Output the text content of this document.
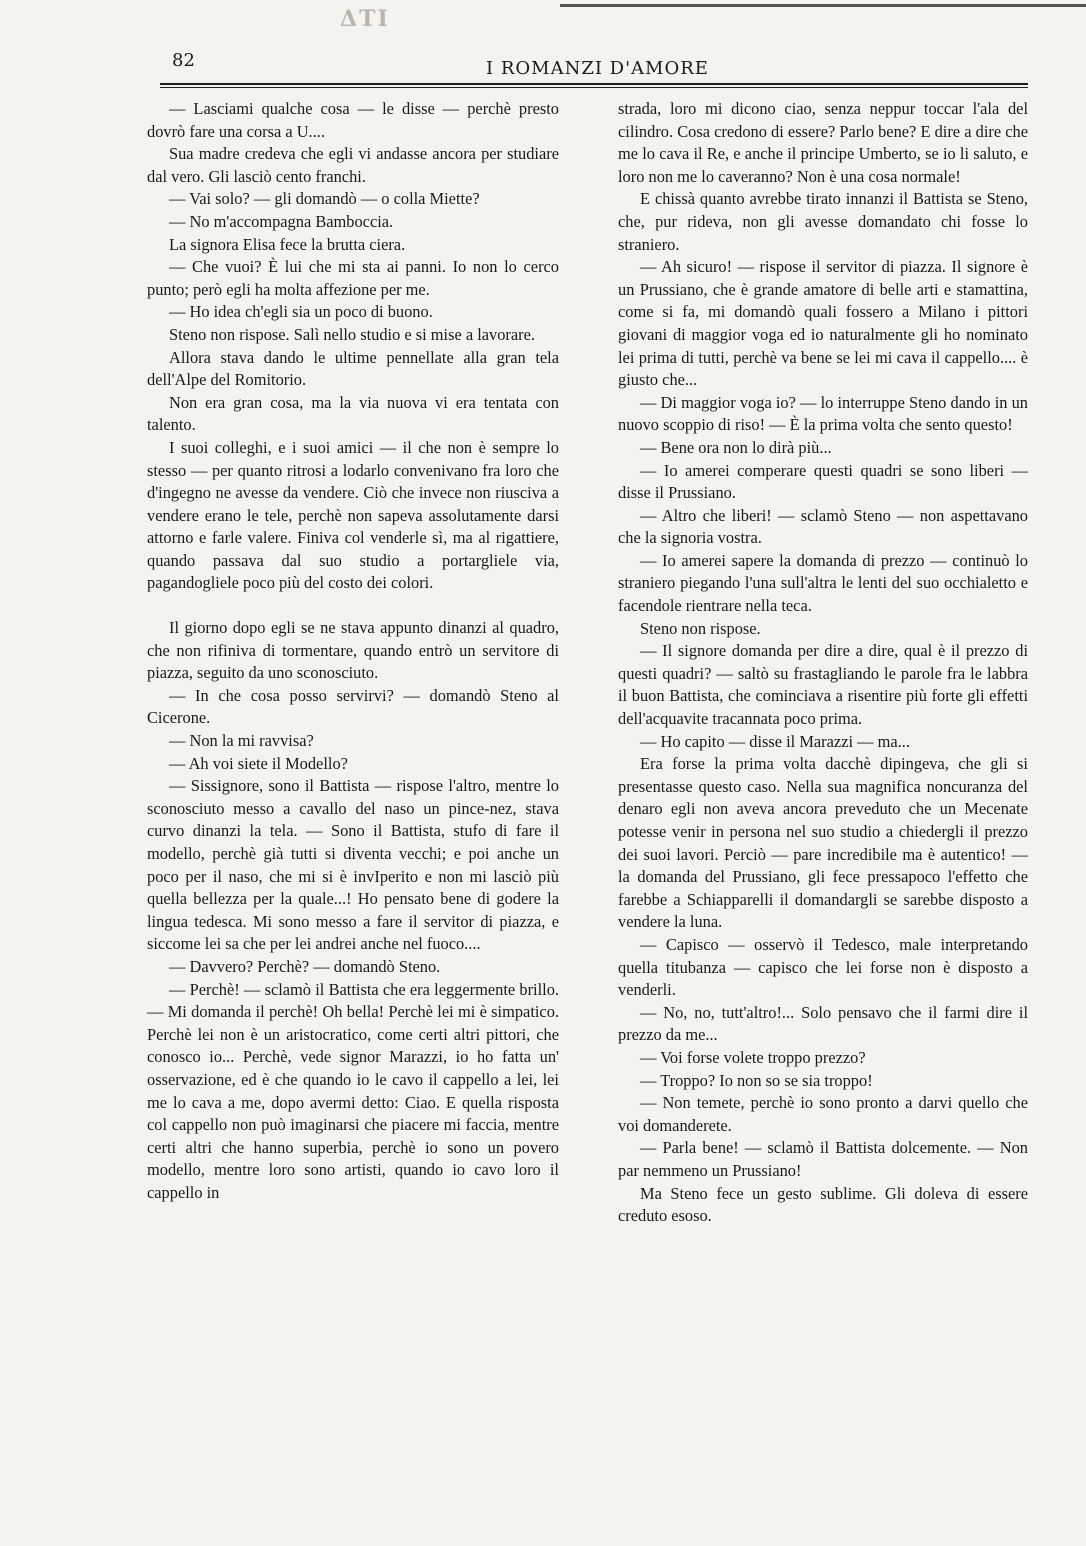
ΔΤΙ
82	I ROMANZI D'AMORE

— Lasciami qualche cosa — le disse — perchè presto dovrò fare una corsa a U....

Sua madre credeva che egli vi andasse ancora per studiare dal vero. Gli lasciò cento franchi.

— Vai solo? — gli domandò — o colla Miette?

— No m'accompagna Bamboccia.

La signora Elisa fece la brutta ciera.

— Che vuoi? È lui che mi sta ai panni. Io non lo cerco punto; però egli ha molta affezione per me.

— Ho idea ch'egli sia un poco di buono.

Steno non rispose. Salì nello studio e si mise a lavorare.

Allora stava dando le ultime pennellate alla gran tela dell'Alpe del Romitorio.

Non era gran cosa, ma la via nuova vi era tentata con talento.

I suoi colleghi, e i suoi amici — il che non è sempre lo stesso — per quanto ritrosi a lodarlo convenivano fra loro che d'ingegno ne avesse da vendere. Ciò che invece non riusciva a vendere erano le tele, perchè non sapeva assolutamente darsi attorno e farle valere. Finiva col venderle sì, ma al rigattiere, quando passava dal suo studio a portargliele via, pagandogliele poco più del costo dei colori.

Il giorno dopo egli se ne stava appunto dinanzi al quadro, che non rifiniva di tormentare, quando entrò un servitore di piazza, seguito da uno sconosciuto.

— In che cosa posso servirvi? — domandò Steno al Cicerone.

— Non la mi ravvisa?

— Ah voi siete il Modello?

— Sissignore, sono il Battista — rispose l'altro, mentre lo sconosciuto messo a cavallo del naso un pince-nez, stava curvo dinanzi la tela. — Sono il Battista, stufo di fare il modello, perchè già tutti si diventa vecchi; e poi anche un poco per il naso, che mi si è invIperito e non mi lasciò più quella bellezza per la quale...! Ho pensato bene di godere la lingua tedesca. Mi sono messo a fare il servitor di piazza, e siccome lei sa che per lei andrei anche nel fuoco....

— Davvero? Perchè? — domandò Steno.

— Perchè! — sclamò il Battista che era leggermente brillo. — Mi domanda il perchè! Oh bella! Perchè lei mi è simpatico. Perchè lei non è un aristocratico, come certi altri pittori, che conosco io... Perchè, vede signor Marazzi, io ho fatta un' osservazione, ed è che quando io le cavo il cappello a lei, lei me lo cava a me, dopo avermi detto: Ciao. E quella risposta col cappello non può imaginarsi che piacere mi faccia, mentre certi altri che hanno superbia, perchè io sono un povero modello, mentre loro sono artisti, quando io cavo loro il cappello in

strada, loro mi dicono ciao, senza neppur toccar l'ala del cilindro. Cosa credono di essere? Parlo bene? E dire a dire che me lo cava il Re, e anche il principe Umberto, se io li saluto, e loro non me lo caveranno? Non è una cosa normale!

E chissà quanto avrebbe tirato innanzi il Battista se Steno, che, pur rideva, non gli avesse domandato chi fosse lo straniero.

— Ah sicuro! — rispose il servitor di piazza. Il signore è un Prussiano, che è grande amatore di belle arti e stamattina, come si fa, mi domandò quali fossero a Milano i pittori giovani di maggior voga ed io naturalmente gli ho nominato lei prima di tutti, perchè va bene se lei mi cava il cappello.... è giusto che...

— Di maggior voga io? — lo interruppe Steno dando in un nuovo scoppio di riso! — È la prima volta che sento questo!

— Bene ora non lo dirà più...

— Io amerei comperare questi quadri se sono liberi — disse il Prussiano.

— Altro che liberi! — sclamò Steno — non aspettavano che la signoria vostra.

— Io amerei sapere la domanda di prezzo — continuò lo straniero piegando l'una sull'altra le lenti del suo occhialetto e facendole rientrare nella teca.

Steno non rispose.

— Il signore domanda per dire a dire, qual è il prezzo di questi quadri? — saltò su frastagliando le parole fra le labbra il buon Battista, che cominciava a risentire più forte gli effetti dell'acquavite tracannata poco prima.

— Ho capito — disse il Marazzi — ma...

Era forse la prima volta dacchè dipingeva, che gli si presentasse questo caso. Nella sua magnifica noncuranza del denaro egli non aveva ancora preveduto che un Mecenate potesse venir in persona nel suo studio a chiedergli il prezzo dei suoi lavori. Perciò — pare incredibile ma è autentico! — la domanda del Prussiano, gli fece pressapoco l'effetto che farebbe a Schiapparelli il domandargli se sarebbe disposto a vendere la luna.

— Capisco — osservò il Tedesco, male interpretando quella titubanza — capisco che lei forse non è disposto a venderli.

— No, no, tutt'altro!... Solo pensavo che il farmi dire il prezzo da me...

— Voi forse volete troppo prezzo?

— Troppo? Io non so se sia troppo!

— Non temete, perchè io sono pronto a darvi quello che voi domanderete.

— Parla bene! — sclamò il Battista dolcemente. — Non par nemmeno un Prussiano!

Ma Steno fece un gesto sublime. Gli doleva di essere creduto esoso.
